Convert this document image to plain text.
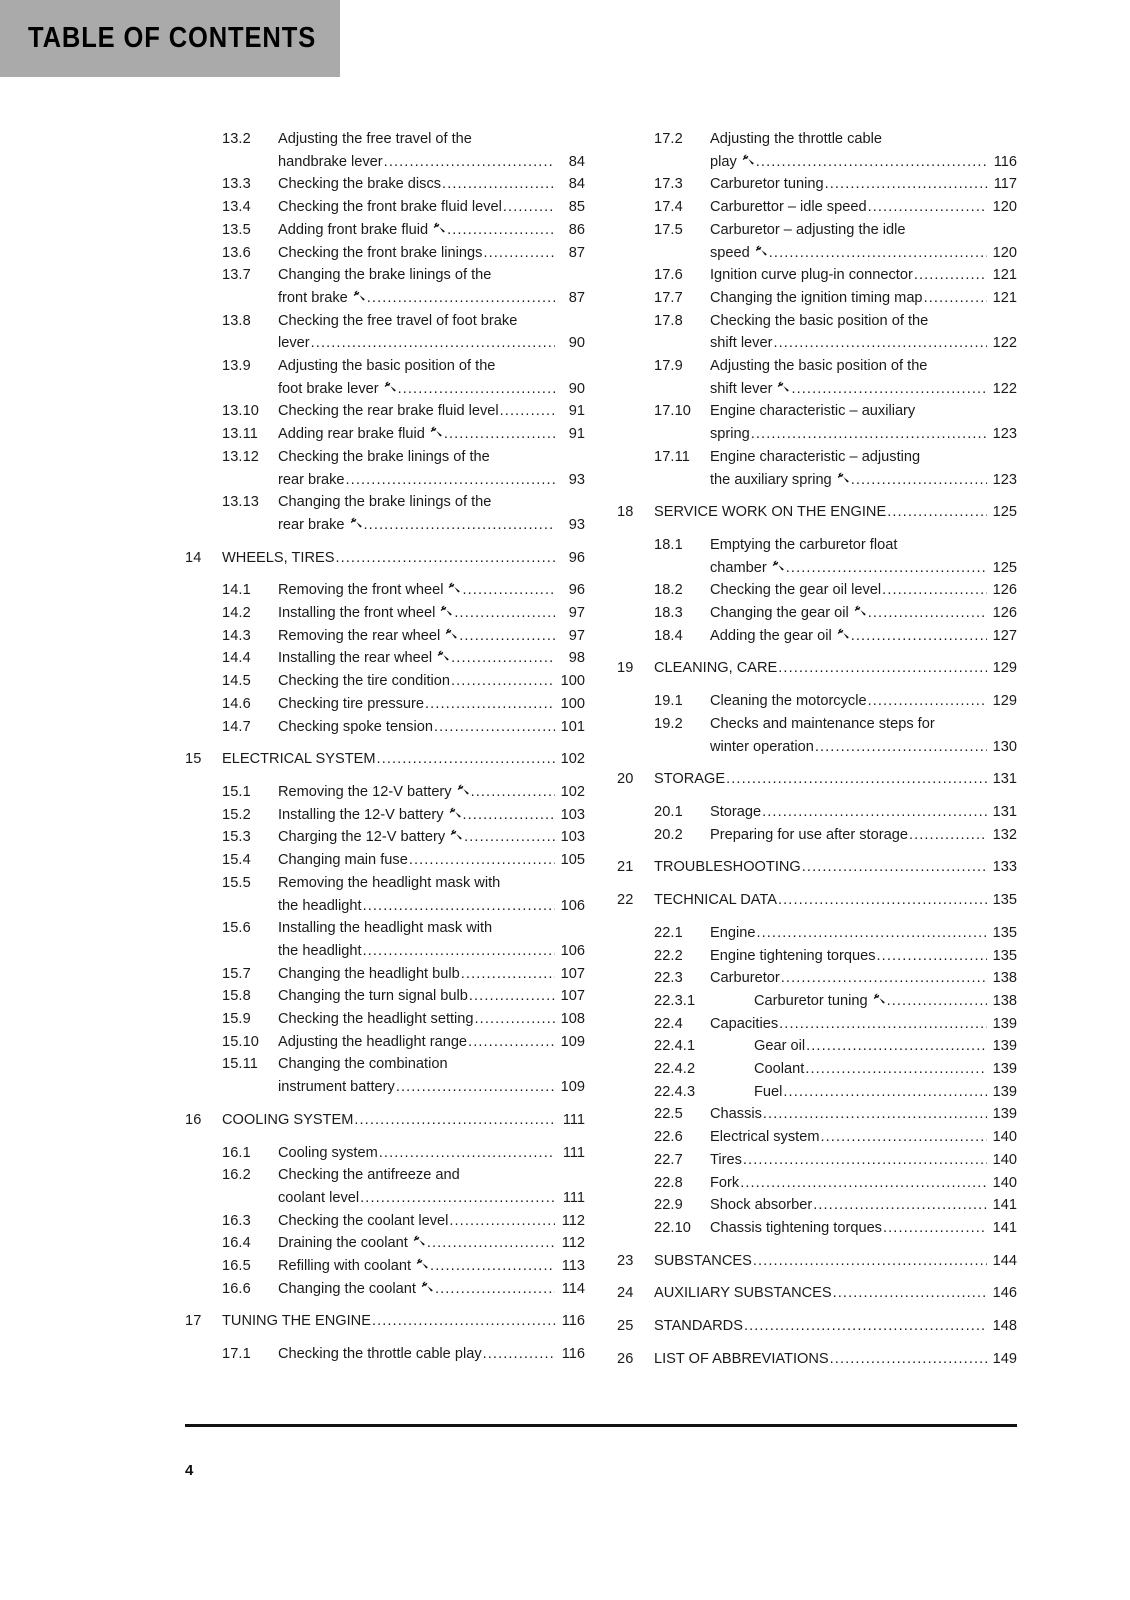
TABLE OF CONTENTS
13.2	Adjusting the free travel of the
handbrake lever .....	84
13.3	Checking the brake discs .....	84
13.4	Checking the front brake fluid level .....	85
13.5	Adding front brake fluid .....	86
13.6	Checking the front brake linings .....	87
13.7	Changing the brake linings of the
front brake .....	87
13.8	Checking the free travel of foot brake
lever .....	90
13.9	Adjusting the basic position of the
foot brake lever .....	90
13.10	Checking the rear brake fluid level .....	91
13.11	Adding rear brake fluid .....	91
13.12	Checking the brake linings of the
rear brake .....	93
13.13	Changing the brake linings of the
rear brake .....	93
14	WHEELS, TIRES .....	96
14.1	Removing the front wheel .....	96
14.2	Installing the front wheel .....	97
14.3	Removing the rear wheel .....	97
14.4	Installing the rear wheel .....	98
14.5	Checking the tire condition .....	100
14.6	Checking tire pressure .....	100
14.7	Checking spoke tension .....	101
15	ELECTRICAL SYSTEM .....	102
15.1	Removing the 12-V battery .....	102
15.2	Installing the 12-V battery .....	103
15.3	Charging the 12-V battery .....	103
15.4	Changing main fuse .....	105
15.5	Removing the headlight mask with
the headlight .....	106
15.6	Installing the headlight mask with
the headlight .....	106
15.7	Changing the headlight bulb .....	107
15.8	Changing the turn signal bulb .....	107
15.9	Checking the headlight setting .....	108
15.10	Adjusting the headlight range .....	109
15.11	Changing the combination
instrument battery .....	109
16	COOLING SYSTEM .....	111
16.1	Cooling system .....	111
16.2	Checking the antifreeze and
coolant level .....	111
16.3	Checking the coolant level .....	112
16.4	Draining the coolant .....	112
16.5	Refilling with coolant .....	113
16.6	Changing the coolant .....	114
17	TUNING THE ENGINE .....	116
17.1	Checking the throttle cable play .....	116
17.2	Adjusting the throttle cable
play .....	116
17.3	Carburetor tuning .....	117
17.4	Carburettor – idle speed .....	120
17.5	Carburetor – adjusting the idle
speed .....	120
17.6	Ignition curve plug-in connector .....	121
17.7	Changing the ignition timing map .....	121
17.8	Checking the basic position of the
shift lever .....	122
17.9	Adjusting the basic position of the
shift lever .....	122
17.10	Engine characteristic – auxiliary
spring .....	123
17.11	Engine characteristic – adjusting
the auxiliary spring .....	123
18	SERVICE WORK ON THE ENGINE .....	125
18.1	Emptying the carburetor float
chamber .....	125
18.2	Checking the gear oil level .....	126
18.3	Changing the gear oil .....	126
18.4	Adding the gear oil .....	127
19	CLEANING, CARE .....	129
19.1	Cleaning the motorcycle .....	129
19.2	Checks and maintenance steps for
winter operation .....	130
20	STORAGE .....	131
20.1	Storage .....	131
20.2	Preparing for use after storage .....	132
21	TROUBLESHOOTING .....	133
22	TECHNICAL DATA .....	135
22.1	Engine .....	135
22.2	Engine tightening torques .....	135
22.3	Carburetor .....	138
22.3.1	Carburetor tuning .....	138
22.4	Capacities .....	139
22.4.1	Gear oil .....	139
22.4.2	Coolant .....	139
22.4.3	Fuel .....	139
22.5	Chassis .....	139
22.6	Electrical system .....	140
22.7	Tires .....	140
22.8	Fork .....	140
22.9	Shock absorber .....	141
22.10	Chassis tightening torques .....	141
23	SUBSTANCES .....	144
24	AUXILIARY SUBSTANCES .....	146
25	STANDARDS .....	148
26	LIST OF ABBREVIATIONS .....	149
4
